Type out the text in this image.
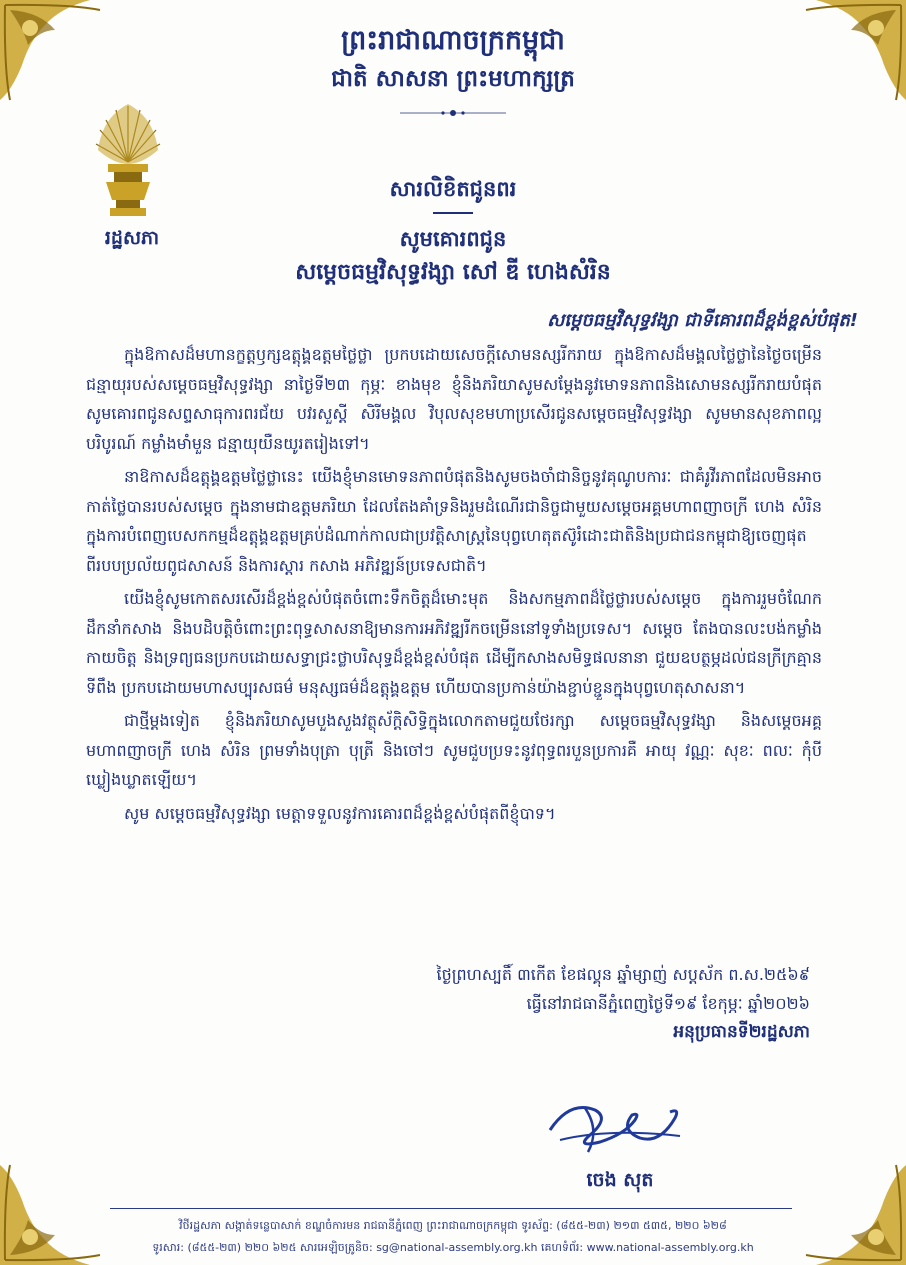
ព្រះរាជាណាចក្រកម្ពុជា

ជាតិ សាសនា ព្រះមហាក្សត្រ

រដ្ឋសភា
សារលិខិតជូនពរ
សូមគោរពជូន
សម្ដេចធម្មវិសុទ្ធវង្សា សៅ ឌី ហេងសំរិន
សម្ដេចធម្មវិសុទ្ធវង្សា ជាទីគោរពដ៏ខ្ពង់ខ្ពស់បំផុត!

ក្នុងឱកាសដ៏មហានក្ខត្តឫក្សឧត្តុង្គឧត្តមថ្លៃថ្លា ប្រកបដោយសេចក្ដីសោមនស្សរីករាយ ក្នុងឱកាសដ៏មង្គលថ្លៃថ្លានៃថ្ងៃចម្រើនជន្មាយុរបស់សម្ដេចធម្មវិសុទ្ធវង្សា នាថ្ងៃទី២៣ កុម្ភៈ ខាងមុខ ខ្ញុំនិងភរិយាសូមសម្ដែងនូវមោទនភាពនិងសោមនស្សរីករាយបំផុត សូមគោរពជូនសព្ទសាធុការពរជ័យ បវរសួស្ដី សិរីមង្គល វិបុលសុខមហាប្រសើរជូនសម្ដេចធម្មវិសុទ្ធវង្សា សូមមានសុខភាពល្អបរិបូរណ៍ កម្លាំងមាំមួន ជន្មាយុយឺនយូរតរៀងទៅ។

នាឱកាសដ៏ឧត្តុង្គឧត្តមថ្លៃថ្លានេះ យើងខ្ញុំមានមោទនភាពបំផុតនិងសូមចងចាំជានិច្ចនូវគុណូបការៈ ជាគំរូវីរភាពដែលមិនអាចកាត់ថ្លៃបានរបស់សម្ដេច ក្នុងនាមជាឧត្តមភរិយា ដែលតែងគាំទ្រនិងរួមដំណើរជានិច្ចជាមួយសម្ដេចអគ្គមហាពញាចក្រី ហេង សំរិន ក្នុងការបំពេញបេសកកម្មដ៏ឧត្តុង្គឧត្តមគ្រប់ដំណាក់កាលជាប្រវត្តិសាស្ត្រនៃបុព្វហេតុតស៊ូរំដោះជាតិនិងប្រជាជនកម្ពុជាឱ្យចេញផុតពីរបបប្រល័យពូជសាសន៍ និងការស្ដារ កសាង អភិវឌ្ឍន៍ប្រទេសជាតិ។

យើងខ្ញុំសូមកោតសរសើរដ៏ខ្ពង់ខ្ពស់បំផុតចំពោះទឹកចិត្តដ៏មោះមុត និងសកម្មភាពដ៏ថ្លៃថ្លារបស់សម្ដេច ក្នុងការរួមចំណែកដឹកនាំកសាង និងបដិបត្តិចំពោះព្រះពុទ្ធសាសនាឱ្យមានការអភិវឌ្ឍរីកចម្រើននៅទូទាំងប្រទេស។ សម្ដេច តែងបានលះបង់កម្លាំងកាយចិត្ត និងទ្រព្យធនប្រកបដោយសទ្ធាជ្រះថ្លាបរិសុទ្ធដ៏ខ្ពង់ខ្ពស់បំផុត ដើម្បីកសាងសមិទ្ធផលនានា ជួយឧបត្ថម្ភដល់ជនក្រីក្រគ្មានទីពឹង ប្រកបដោយមហាសប្បុរសធម៌ មនុស្សធម៌ដ៏ឧត្តុង្គឧត្តម ហើយបានប្រកាន់យ៉ាងខ្ជាប់ខ្ជួនក្នុងបុព្វហេតុសាសនា។

ជាថ្មីម្ដងទៀត ខ្ញុំនិងភរិយាសូមបួងសួងវត្ថុស័ក្ដិសិទ្ធិក្នុងលោកតាមជួយថែរក្សា សម្ដេចធម្មវិសុទ្ធវង្សា និងសម្ដេចអគ្គមហាពញាចក្រី ហេង សំរិន ព្រមទាំងបុត្រា បុត្រី និងចៅៗ សូមជួបប្រទះនូវពុទ្ធពរបួនប្រការគឺ អាយុ វណ្ណៈ សុខៈ ពលៈ កុំបីឃ្លៀងឃ្លាតឡើយ។

សូម សម្ដេចធម្មវិសុទ្ធវង្សា មេត្តាទទួលនូវការគោរពដ៏ខ្ពង់ខ្ពស់បំផុតពីខ្ញុំបាទ។

ថ្ងៃព្រហស្បតិ៍ ៣កើត ខែផល្គុន ឆ្នាំម្សាញ់ សប្តស័ក ព.ស.២៥៦៩
ធ្វើនៅរាជធានីភ្នំពេញថ្ងៃទី១៩ ខែកុម្ភៈ ឆ្នាំ២០២៦
អនុប្រធានទី២រដ្ឋសភា
ចេង សុត
វិថីរដ្ឋសភា សង្កាត់ទន្លេបាសាក់ ខណ្ឌចំការមន រាជធានីភ្នំពេញ ព្រះរាជាណាចក្រកម្ពុជា ទូរស័ព្ទ: (៨៥៥-២៣) ២១៣ ៥៣៥, ២២០ ៦២៨
ទូរសារ: (៨៥៥-២៣) ២២០ ៦២៥ សារអេឡិចត្រូនិច: sg@national-assembly.org.kh គេហទំព័រ: www.national-assembly.org.kh
